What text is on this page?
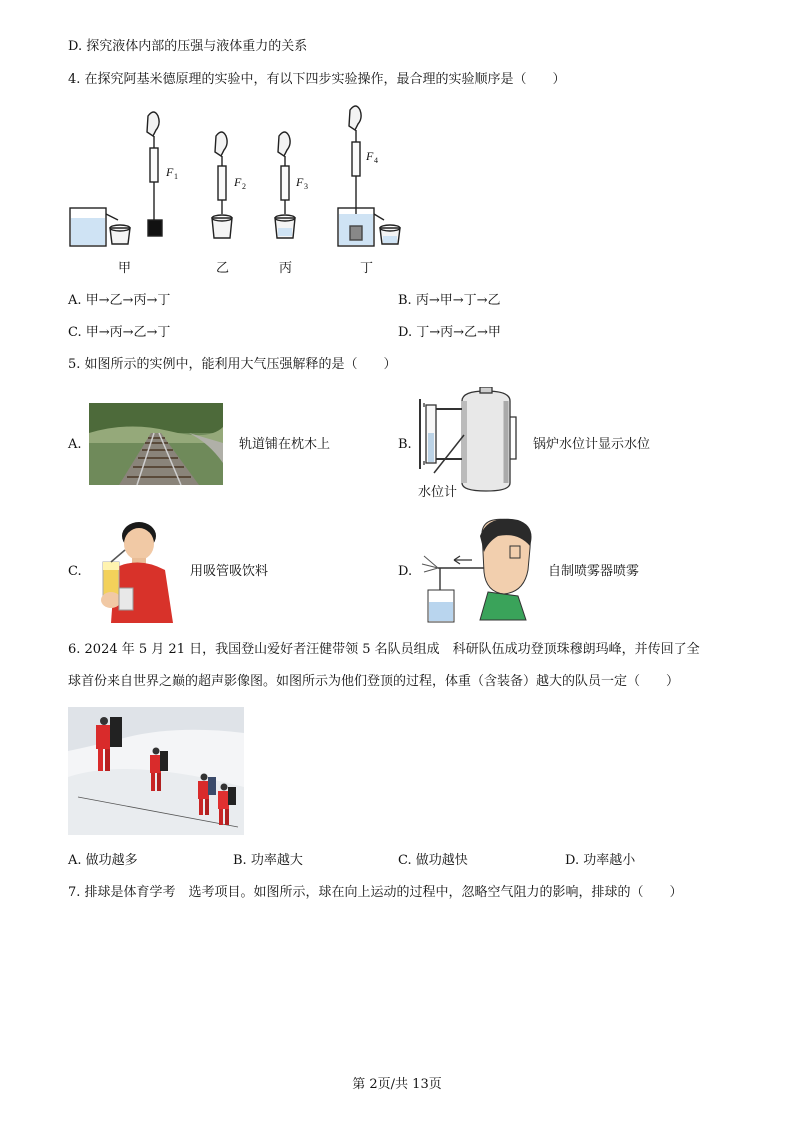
D. 探究液体内部的压强与液体重力的关系
4. 在探究阿基米德原理的实验中，有以下四步实验操作，最合理的实验顺序是（　　）
F 1	F 2	F 3
F 4
甲	乙	丙	丁
A. 甲→乙→丙→丁	B. 丙→甲→丁→乙
C. 甲→丙→乙→丁	D. 丁→丙→乙→甲
5. 如图所示的实例中，能利用大气压强解释的是（　　）
A.	轨道铺在枕木上	B.
水位计
锅炉水位计显示水位
C.	用吸管吸饮料	D.	自制喷雾器喷雾
6. 2024 年 5 月 21 日，我国登山爱好者汪健带领 5 名队员组成　科研队伍成功登顶珠穆朗玛峰，并传回了全
球首份来自世界之巅的超声影像图。如图所示为他们登顶的过程，体重（含装备）越大的队员一定（　　）
A. 做功越多	B. 功率越大	C. 做功越快	D. 功率越小
7. 排球是体育学考　选考项目。如图所示，球在向上运动的过程中，忽略空气阻力的影响，排球的（　　）
第 2页/共 13页
